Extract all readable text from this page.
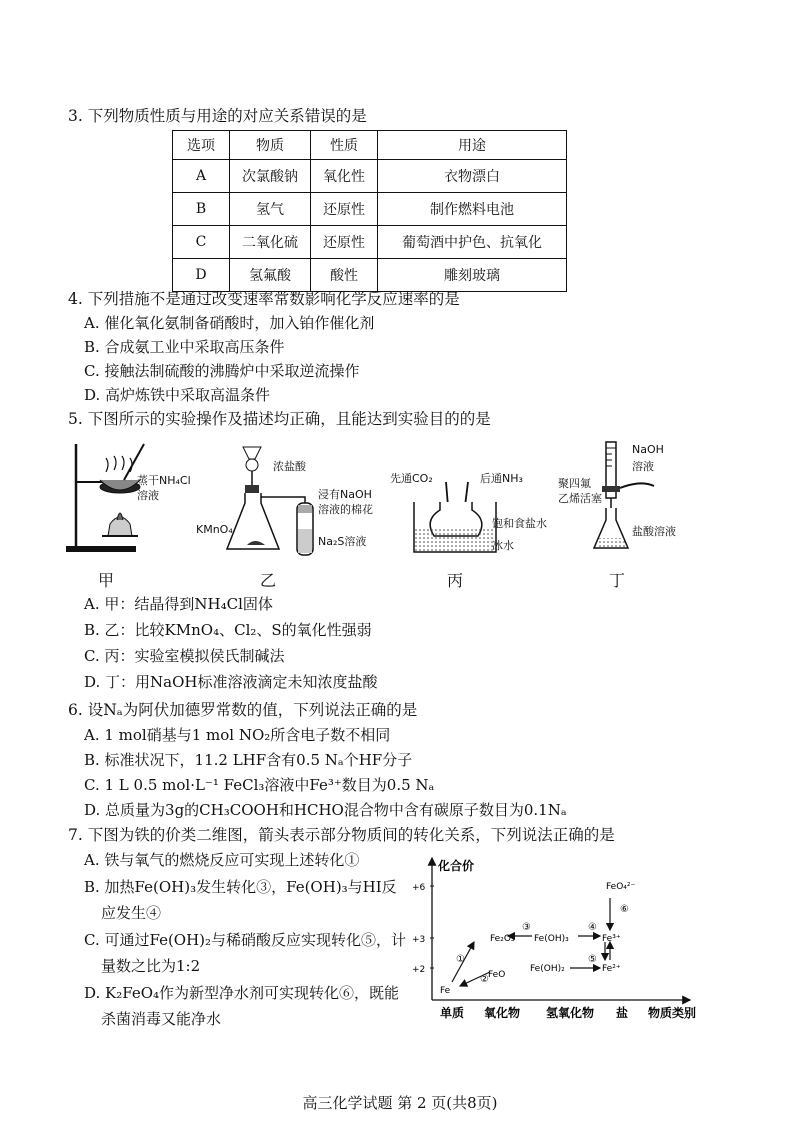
3. 下列物质性质与用途的对应关系错误的是
选项	物质	性质	用途
A	次氯酸钠	氧化性	衣物漂白
B	氢气	还原性	制作燃料电池
C	二氧化硫	还原性	葡萄酒中护色、抗氧化
D	氢氟酸	酸性	雕刻玻璃
4. 下列措施不是通过改变速率常数影响化学反应速率的是
A. 催化氧化氨制备硝酸时，加入铂作催化剂
B. 合成氨工业中采取高压条件
C. 接触法制硫酸的沸腾炉中采取逆流操作
D. 高炉炼铁中采取高温条件
5. 下图所示的实验操作及描述均正确，且能达到实验目的的是
蒸干NH₄Cl
溶液
浓盐酸
浸有NaOH
溶液的棉花
KMnO₄
Na₂S溶液
先通CO₂	后通NH₃
饱和食盐水
冰水
NaOH
溶液
聚四氟
乙烯活塞
盐酸溶液
甲	乙	丙	丁
A. 甲：结晶得到NH₄Cl固体
B. 乙：比较KMnO₄、Cl₂、S的氧化性强弱
C. 丙：实验室模拟侯氏制碱法
D. 丁：用NaOH标准溶液滴定未知浓度盐酸
6. 设Nₐ为阿伏加德罗常数的值，下列说法正确的是
A. 1 mol硝基与1 mol NO₂所含电子数不相同
B. 标准状况下，11.2 LHF含有0.5 Nₐ个HF分子
C. 1 L 0.5 mol·L⁻¹ FeCl₃溶液中Fe³⁺数目为0.5 Nₐ
D. 总质量为3g的CH₃COOH和HCHO混合物中含有碳原子数目为0.1Nₐ
7. 下图为铁的价类二维图，箭头表示部分物质间的转化关系，下列说法正确的是
A. 铁与氧气的燃烧反应可实现上述转化①
B. 加热Fe(OH)₃发生转化③，Fe(OH)₃与HI反
应发生④
C. 可通过Fe(OH)₂与稀硝酸反应实现转化⑤，计
量数之比为1:2
D. K₂FeO₄作为新型净水剂可实现转化⑥，既能
杀菌消毒又能净水
化合价
+6
+3
+2
单质 氧化物 氢氧化物 盐 物质类别
Fe
FeO
Fe₂O₃ Fe(OH)₃
Fe(OH)₂
Fe³⁺
Fe²⁺
FeO₄²⁻
①
②
③	④
⑤
⑥
高三化学试题 第 2 页(共8页)
